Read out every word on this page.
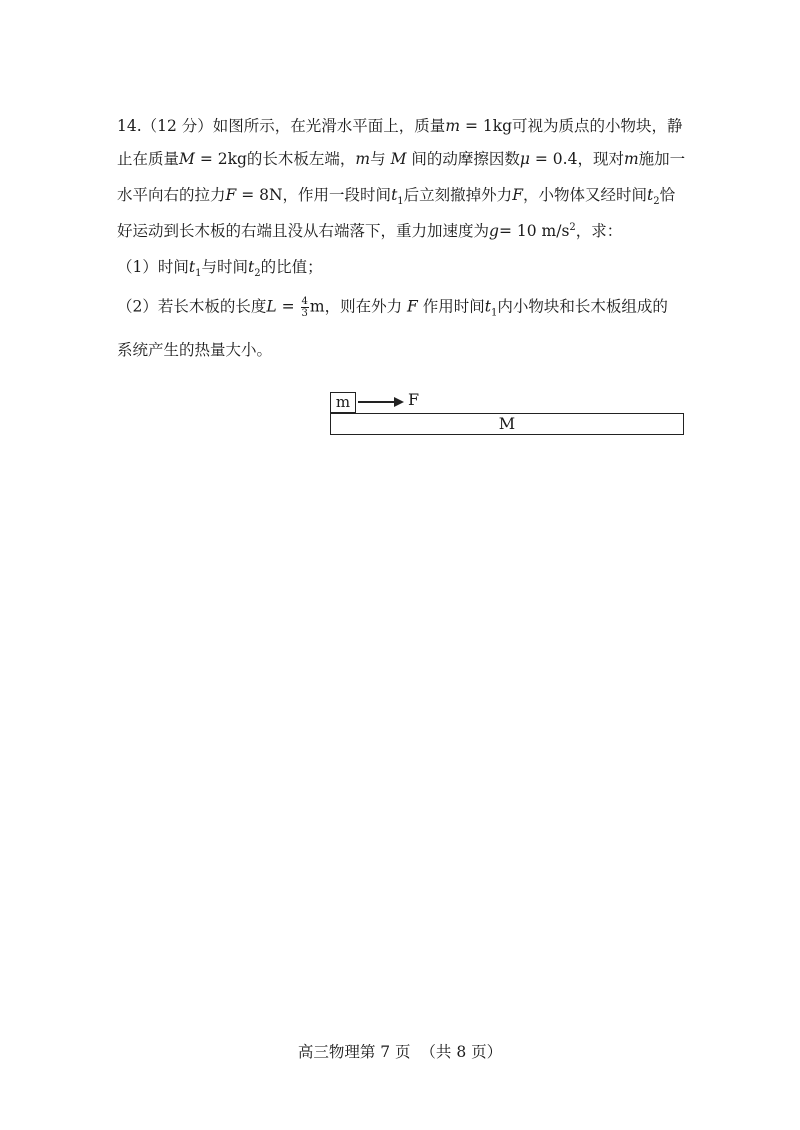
14.（12 分）如图所示，在光滑水平面上，质量m = 1kg可视为质点的小物块，静
止在质量M = 2kg的长木板左端，m与 M 间的动摩擦因数μ = 0.4，现对m施加一
水平向右的拉力F = 8N，作用一段时间$t_1$后立刻撤掉外力F，小物体又经时间$t_2$恰
好运动到长木板的右端且没从右端落下，重力加速度为g= 10 $m/s^2$，求：
（1）时间$t_1$与时间$t_2$的比值；
（2）若长木板的长度$L = \frac{4}{3}$ m，则在外力 F 作用时间$t_1$内小物块和长木板组成的
系统产生的热量大小。
m	F
M
高三物理第 7 页  （共 8 页）
